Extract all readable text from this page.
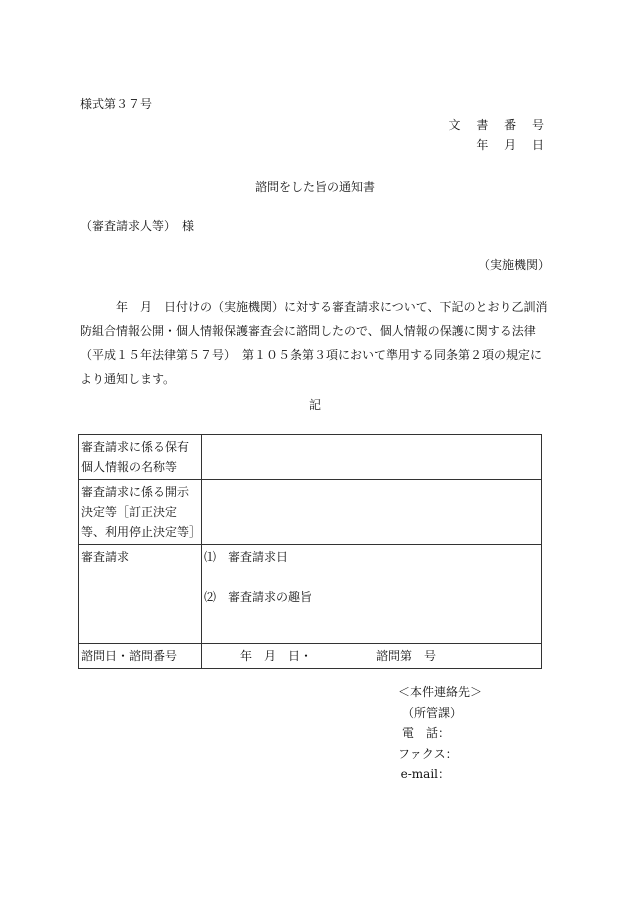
様式第３７号
文 書 番 号
年 月 日
諮問をした旨の通知書
（審査請求人等）　様
（実施機関）
　　　年　月　日付けの（実施機関）に対する審査請求について、下記のとおり乙訓消防組合情報公開・個人情報保護審査会に諮問したので、個人情報の保護に関する法律（平成１５年法律第５７号）　第１０５条第３項において準用する同条第２項の規定により通知します。
記
審査請求に係る保有個人情報の名称等	
審査請求に係る開示決定等［訂正決定等、利用停止決定等］	
審査請求	⑴　審査請求日
⑵　審査請求の趣旨

諮問日・諮問番号	年　月　日・ 諮問第　号
＜本件連絡先＞
（所管課）
電　話：
ファクス：
e-mail：
